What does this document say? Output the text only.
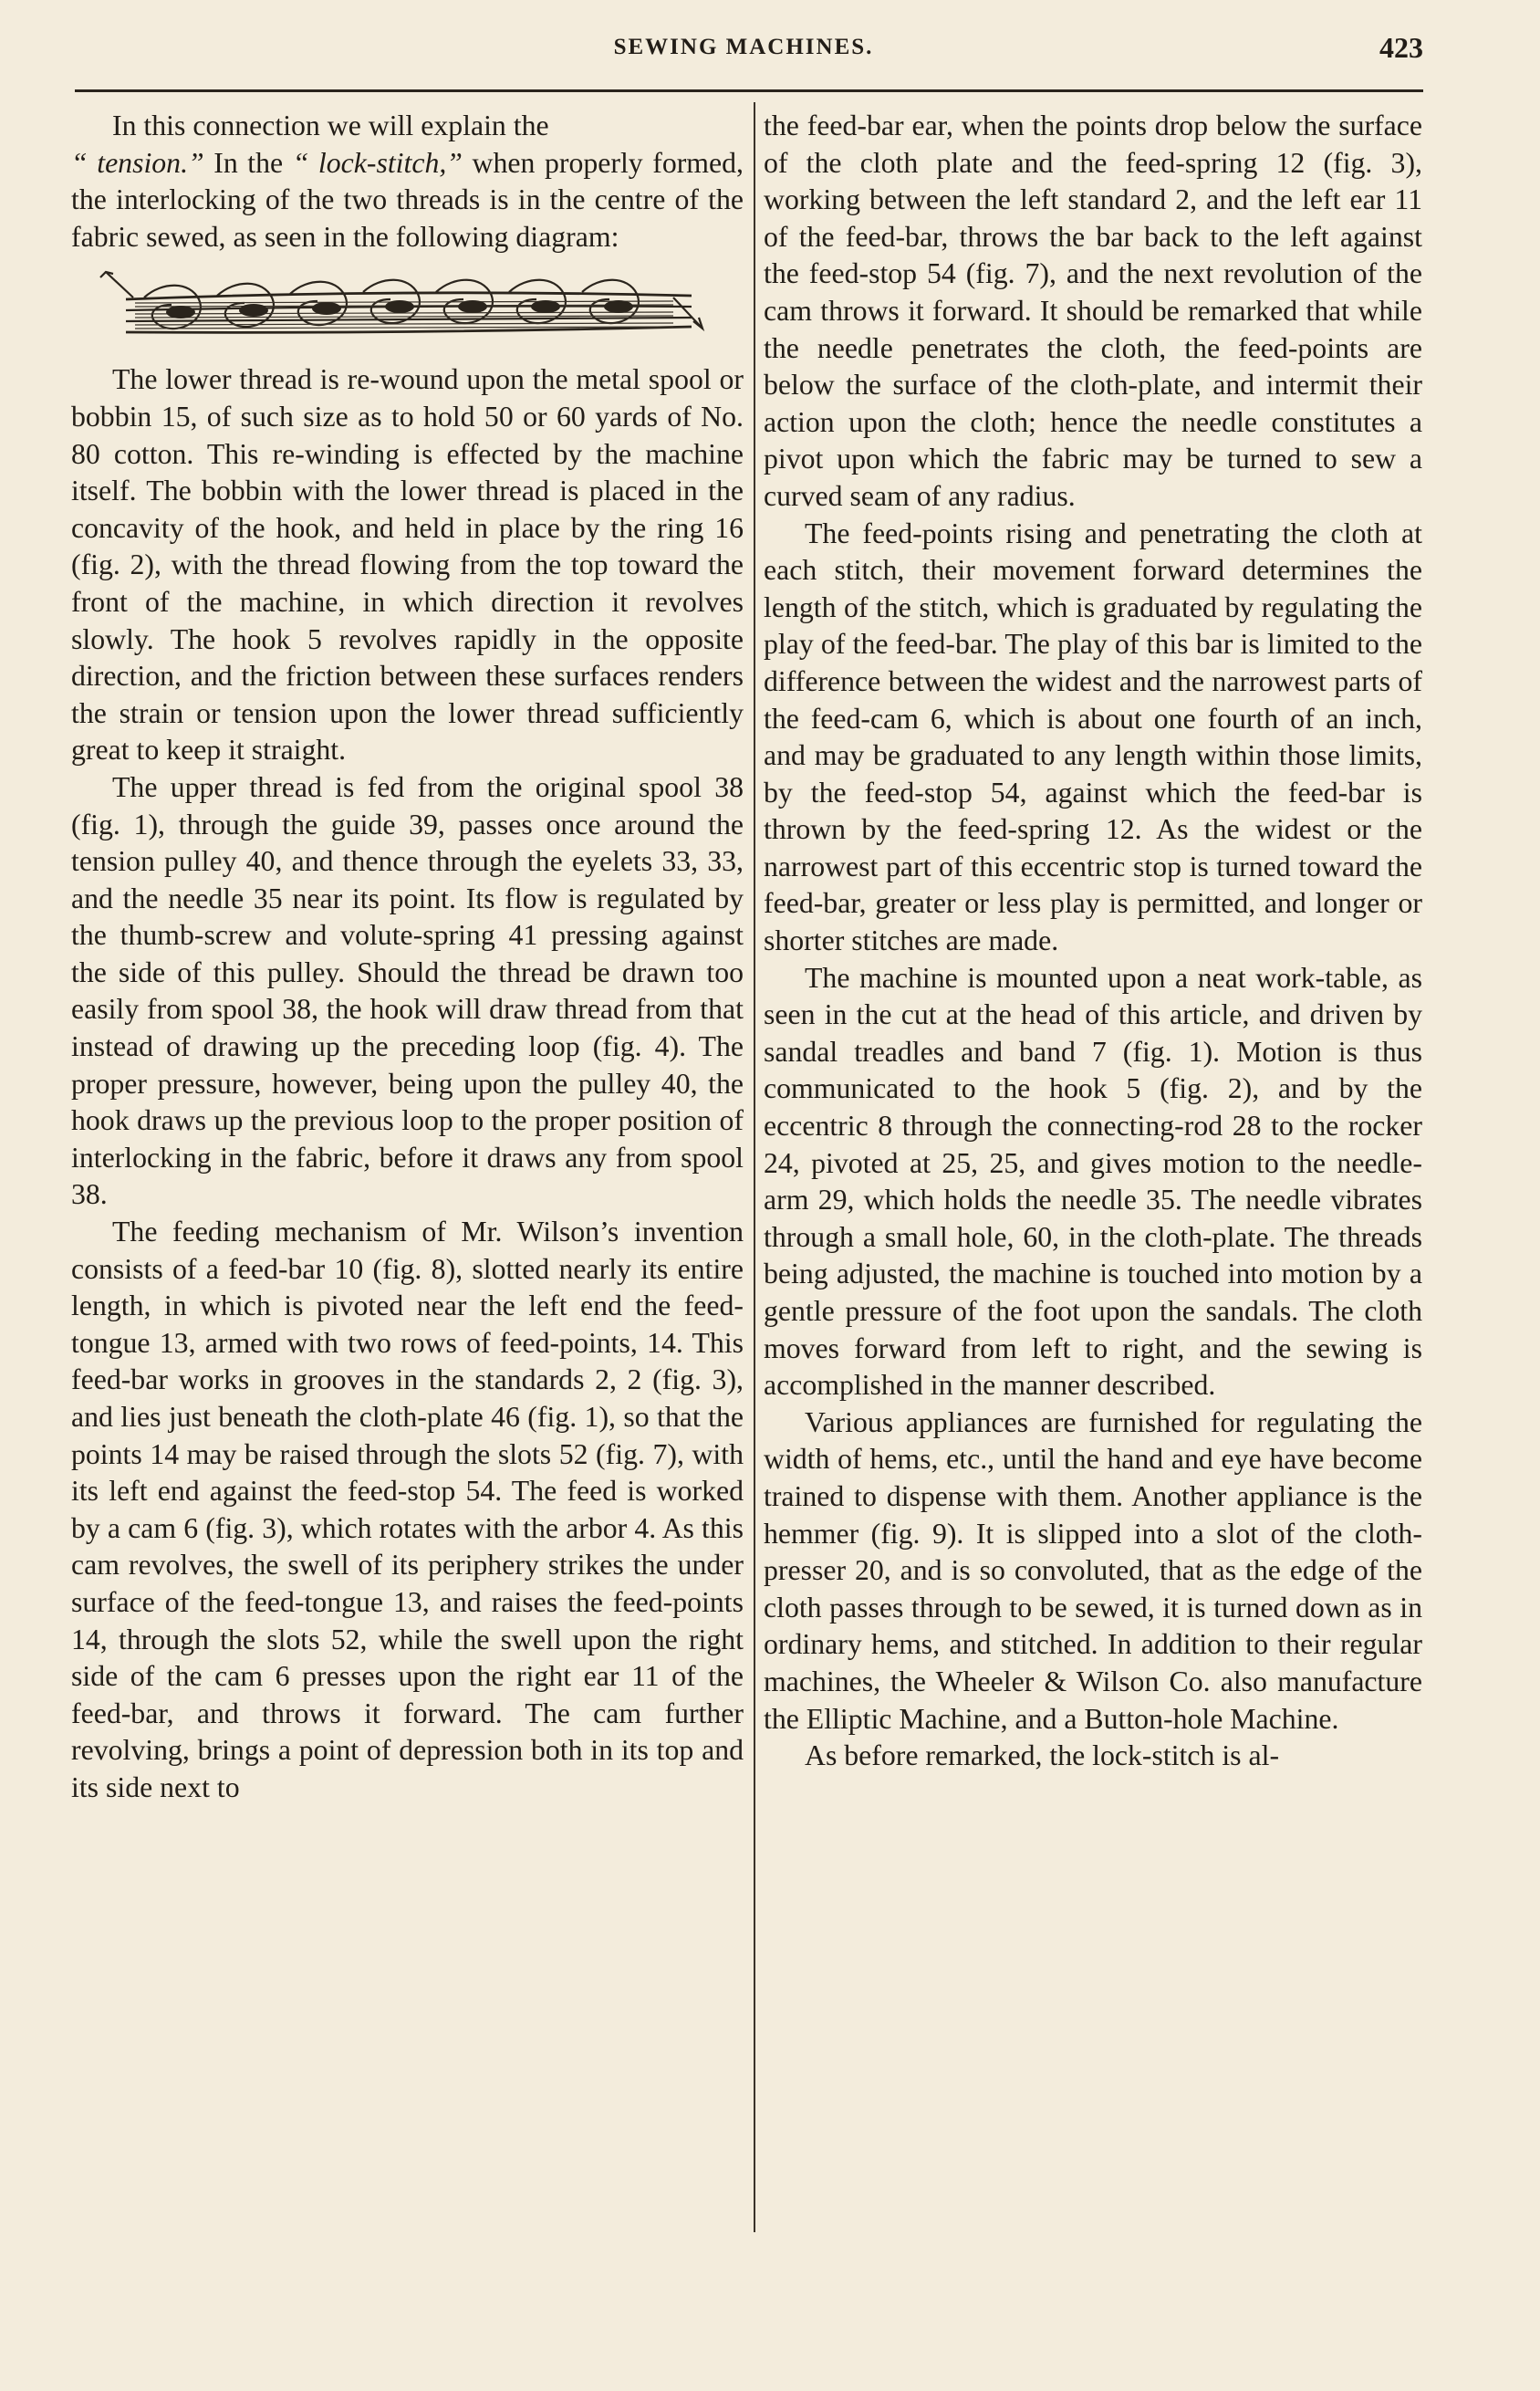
SEWING MACHINES.	423

In this connection we will explain the
“ tension.” In the “ lock-stitch,” when properly formed, the interlocking of the two threads is in the centre of the fabric sewed, as seen in the following diagram:

The lower thread is re-wound upon the metal spool or bobbin 15, of such size as to hold 50 or 60 yards of No. 80 cotton. This re-winding is effected by the machine itself. The bobbin with the lower thread is placed in the concavity of the hook, and held in place by the ring 16 (fig. 2), with the thread flowing from the top toward the front of the machine, in which direction it revolves slowly. The hook 5 revolves rapidly in the opposite direction, and the friction between these surfaces renders the strain or tension upon the lower thread sufficiently great to keep it straight.

The upper thread is fed from the original spool 38 (fig. 1), through the guide 39, passes once around the tension pulley 40, and thence through the eyelets 33, 33, and the needle 35 near its point. Its flow is regulated by the thumb-screw and volute-spring 41 pressing against the side of this pulley. Should the thread be drawn too easily from spool 38, the hook will draw thread from that instead of drawing up the preceding loop (fig. 4). The proper pressure, however, being upon the pulley 40, the hook draws up the previous loop to the proper position of interlocking in the fabric, before it draws any from spool 38.

The feeding mechanism of Mr. Wilson’s invention consists of a feed-bar 10 (fig. 8), slotted nearly its entire length, in which is pivoted near the left end the feed-tongue 13, armed with two rows of feed-points, 14. This feed-bar works in grooves in the standards 2, 2 (fig. 3), and lies just beneath the cloth-plate 46 (fig. 1), so that the points 14 may be raised through the slots 52 (fig. 7), with its left end against the feed-stop 54. The feed is worked by a cam 6 (fig. 3), which rotates with the arbor 4. As this cam revolves, the swell of its periphery strikes the under surface of the feed-tongue 13, and raises the feed-points 14, through the slots 52, while the swell upon the right side of the cam 6 presses upon the right ear 11 of the feed-bar, and throws it forward. The cam further revolving, brings a point of depression both in its top and its side next to

the feed-bar ear, when the points drop below the surface of the cloth plate and the feed-spring 12 (fig. 3), working between the left standard 2, and the left ear 11 of the feed-bar, throws the bar back to the left against the feed-stop 54 (fig. 7), and the next revolution of the cam throws it forward. It should be remarked that while the needle penetrates the cloth, the feed-points are below the surface of the cloth-plate, and intermit their action upon the cloth; hence the needle constitutes a pivot upon which the fabric may be turned to sew a curved seam of any radius.

The feed-points rising and penetrating the cloth at each stitch, their movement forward determines the length of the stitch, which is graduated by regulating the play of the feed-bar. The play of this bar is limited to the difference between the widest and the narrowest parts of the feed-cam 6, which is about one fourth of an inch, and may be graduated to any length within those limits, by the feed-stop 54, against which the feed-bar is thrown by the feed-spring 12. As the widest or the narrowest part of this eccentric stop is turned toward the feed-bar, greater or less play is permitted, and longer or shorter stitches are made.

The machine is mounted upon a neat work-table, as seen in the cut at the head of this article, and driven by sandal treadles and band 7 (fig. 1). Motion is thus communicated to the hook 5 (fig. 2), and by the eccentric 8 through the connecting-rod 28 to the rocker 24, pivoted at 25, 25, and gives motion to the needle-arm 29, which holds the needle 35. The needle vibrates through a small hole, 60, in the cloth-plate. The threads being adjusted, the machine is touched into motion by a gentle pressure of the foot upon the sandals. The cloth moves forward from left to right, and the sewing is accomplished in the manner described.

Various appliances are furnished for regulating the width of hems, etc., until the hand and eye have become trained to dispense with them. Another appliance is the hemmer (fig. 9). It is slipped into a slot of the cloth-presser 20, and is so convoluted, that as the edge of the cloth passes through to be sewed, it is turned down as in ordinary hems, and stitched. In addition to their regular machines, the Wheeler & Wilson Co. also manufacture the Elliptic Machine, and a Button-hole Machine.

As before remarked, the lock-stitch is al-
